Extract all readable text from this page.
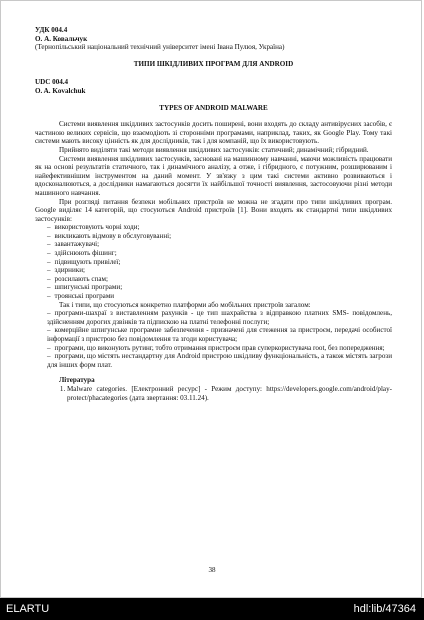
УДК 004.4

О. А. Ковальчук

(Тернопільський національний технічний університет імені Івана Пулюя, Україна)

ТИПИ ШКІДЛИВИХ ПРОГРАМ ДЛЯ ANDROID

UDC 004.4

O. A. Kovalchuk

TYPES OF ANDROID MALWARE

Системи виявлення шкідливих застосунків досить поширені, вони входять до складу антивірусних засобів, є частиною великих сервісів, що взаємодіють зі сторонніми програмами, наприклад, таких, як Google Play. Тому такі системи мають високу цінність як для дослідників, так і для компаній, що їх використовують.

Прийнято виділяти такі методи виявлення шкідливих застосунків: статичний; динамічний; гібридний.

Системи виявлення шкідливих застосунків, засновані на машинному навчанні, маючи можливість працювати як на основі результатів статичного, так і динамічного аналізу, а отже, і гібридного, є потужним, розширюваним і найефективнішим інструментом на даний момент. У зв'язку з цим такі системи активно розвиваються і вдосконалюються, а дослідники намагаються досягти їх найбільшої точності виявлення, застосовуючи різні методи машинного навчання.

При розгляді питання безпеки мобільних пристроїв не можна не згадати про типи шкідливих програм. Google виділяє 14 категорій, що стосуються Android пристроїв [1]. Вони входять як стандартні типи шкідливих застосунків:

– використовують чорні ходи;
– викликають відмову в обслуговуванні;
– завантажувачі;
– здійснюють фішинг;
– підвищують привілеї;
– здирники;
– розсилають спам;
– шпигунські програми;
– троянські програми

Так і типи, що стосуються конкретно платформи або мобільних пристроїв загалом:

– програми-шахраї з виставленням рахунків - це тип шахрайства з відправкою платних SMS- повідомлень, здійсненням дорогих дзвінків та підпискою на платні телефонні послуги;
– комерційне шпигунське програмне забезпечення - призначені для стеження за пристроєм, передачі особистої інформації з пристрою без повідомлення та згоди користувача;
– програми, що виконують рутинг, тобто отримання пристроєм прав суперкористувача root, без попередження;
– програми, що містять нестандартну для Android пристрою шкідливу функціональність, а також містять загрози для інших форм плат.

Література

1. Malware categories. [Електронний ресурс] - Режим доступу: https://developers.google.com/android/play-protect/phacategories (дата звертання: 03.11.24).
38
ELARTU	hdl:lib/47364
